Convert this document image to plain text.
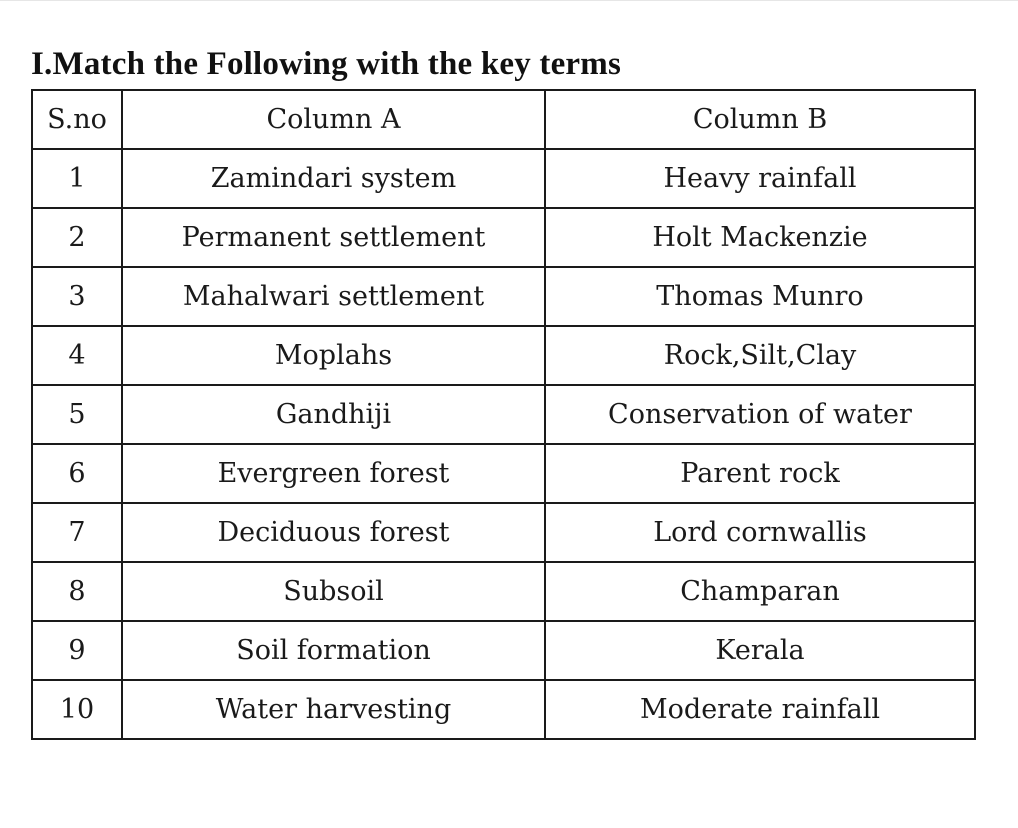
I.Match the Following with the key terms
S.no	Column A	Column B
1	Zamindari system	Heavy rainfall
2	Permanent settlement	Holt Mackenzie
3	Mahalwari settlement	Thomas Munro
4	Moplahs	Rock,Silt,Clay
5	Gandhiji	Conservation of water
6	Evergreen forest	Parent rock
7	Deciduous forest	Lord cornwallis
8	Subsoil	Champaran
9	Soil formation	Kerala
10	Water harvesting	Moderate rainfall
